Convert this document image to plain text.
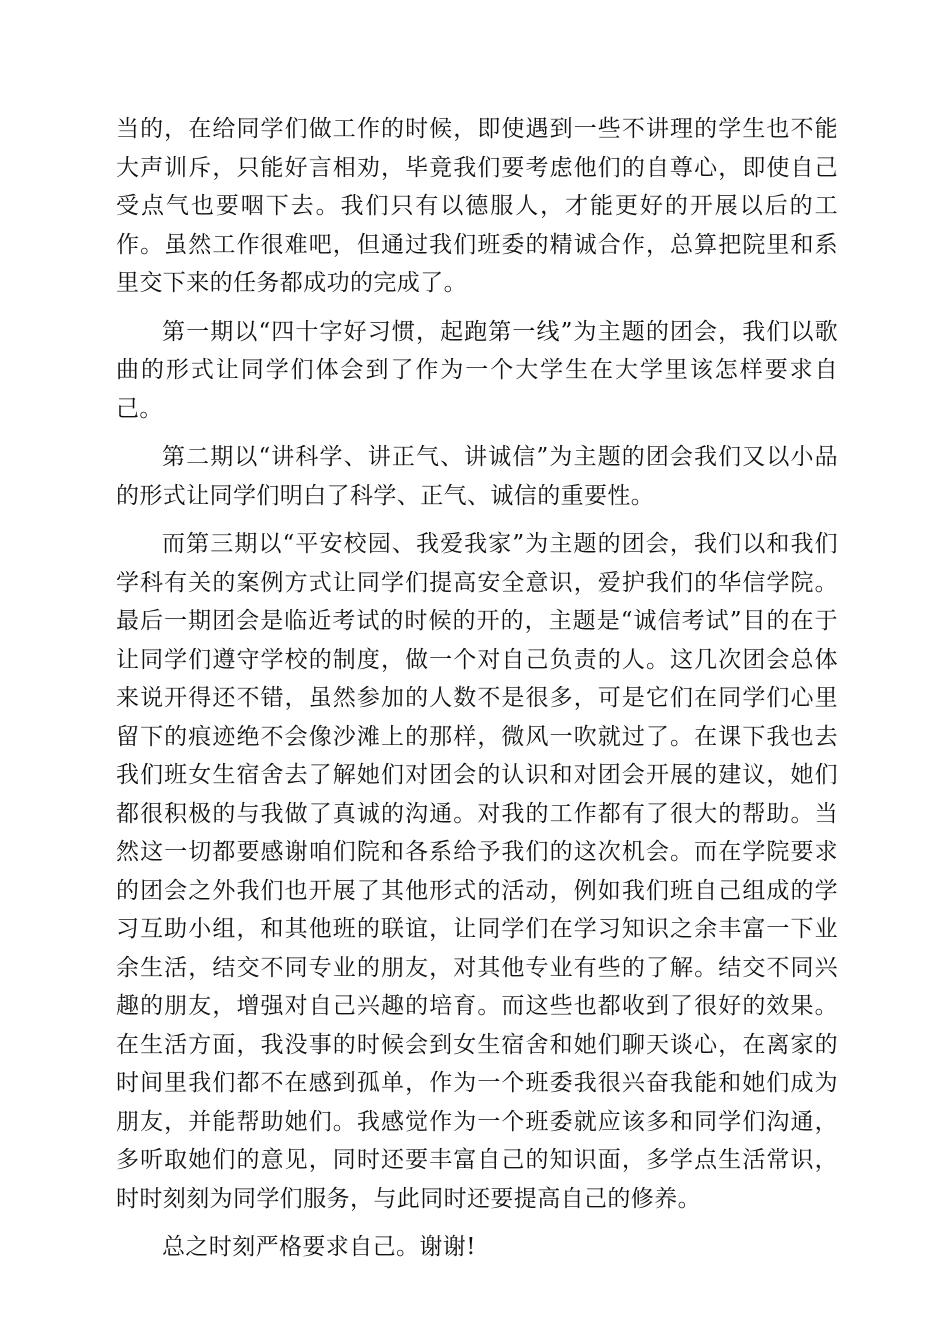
当的，在给同学们做工作的时候，即使遇到一些不讲理的学生也不能大声训斥，只能好言相劝，毕竟我们要考虑他们的自尊心，即使自己受点气也要咽下去。我们只有以德服人，才能更好的开展以后的工作。虽然工作很难吧，但通过我们班委的精诚合作，总算把院里和系里交下来的任务都成功的完成了。

第一期以“四十字好习惯，起跑第一线”为主题的团会，我们以歌曲的形式让同学们体会到了作为一个大学生在大学里该怎样要求自己。

第二期以“讲科学、讲正气、讲诚信”为主题的团会我们又以小品的形式让同学们明白了科学、正气、诚信的重要性。

而第三期以“平安校园、我爱我家”为主题的团会，我们以和我们学科有关的案例方式让同学们提高安全意识，爱护我们的华信学院。最后一期团会是临近考试的时候的开的，主题是“诚信考试”目的在于让同学们遵守学校的制度，做一个对自己负责的人。这几次团会总体来说开得还不错，虽然参加的人数不是很多，可是它们在同学们心里留下的痕迹绝不会像沙滩上的那样，微风一吹就过了。在课下我也去我们班女生宿舍去了解她们对团会的认识和对团会开展的建议，她们都很积极的与我做了真诚的沟通。对我的工作都有了很大的帮助。当然这一切都要感谢咱们院和各系给予我们的这次机会。而在学院要求的团会之外我们也开展了其他形式的活动，例如我们班自己组成的学习互助小组，和其他班的联谊，让同学们在学习知识之余丰富一下业余生活，结交不同专业的朋友，对其他专业有些的了解。结交不同兴趣的朋友，增强对自己兴趣的培育。而这些也都收到了很好的效果。在生活方面，我没事的时候会到女生宿舍和她们聊天谈心，在离家的时间里我们都不在感到孤单，作为一个班委我很兴奋我能和她们成为朋友，并能帮助她们。我感觉作为一个班委就应该多和同学们沟通，多听取她们的意见，同时还要丰富自己的知识面，多学点生活常识，时时刻刻为同学们服务，与此同时还要提高自己的修养。

总之时刻严格要求自己。谢谢!
